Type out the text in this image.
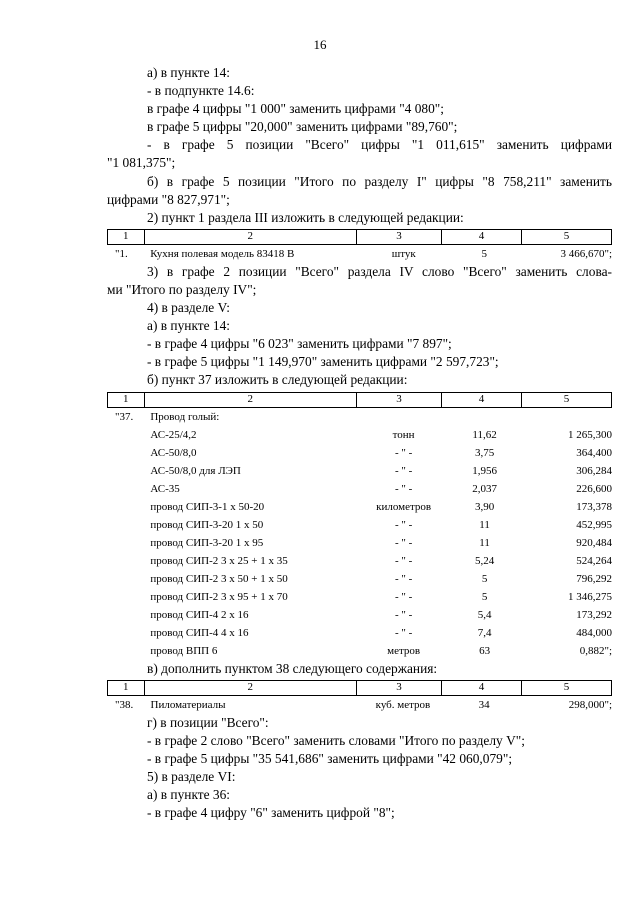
16
а) в пункте 14:
- в подпункте 14.6:
в графе 4 цифры "1 000" заменить цифрами "4 080";
в графе 5 цифры "20,000" заменить цифрами "89,760";
- в графе 5 позиции "Всего" цифры "1 011,615" заменить цифрами
"1 081,375";
б) в графе 5 позиции "Итого по разделу I" цифры "8 758,211" заменить
цифрами "8 827,971";
2) пункт 1 раздела III изложить в следующей редакции:
1	2	3	4	5
"1.	Кухня полевая модель 83418 В	штук	5	3 466,670";
3) в графе 2 позиции "Всего" раздела IV слово "Всего" заменить слова-
ми "Итого по разделу IV";
4) в разделе V:
а) в пункте 14:
- в графе 4 цифры "6 023" заменить цифрами "7 897";
- в графе 5 цифры "1 149,970" заменить цифрами "2 597,723";
б) пункт 37 изложить в следующей редакции:
1	2	3	4	5
"37.	Провод голый:			
	АС-25/4,2	тонн	11,62	1 265,300
	АС-50/8,0	- " -	3,75	364,400
	АС-50/8,0 для ЛЭП	- " -	1,956	306,284
	АС-35	- " -	2,037	226,600
	провод СИП-3-1 х 50-20	километров	3,90	173,378
	провод СИП-3-20 1 х 50	- " -	11	452,995
	провод СИП-3-20 1 х 95	- " -	11	920,484
	провод СИП-2 3 х 25 + 1 х 35	- " -	5,24	524,264
	провод СИП-2 3 х 50 + 1 х 50	- " -	5	796,292
	провод СИП-2 3 х 95 + 1 х 70	- " -	5	1 346,275
	провод СИП-4 2 х 16	- " -	5,4	173,292
	провод СИП-4 4 х 16	- " -	7,4	484,000
	провод ВПП 6	метров	63	0,882";
в) дополнить пунктом 38 следующего содержания:
1	2	3	4	5
"38.	Пиломатериалы	куб. метров	34	298,000";
г) в позиции "Всего":
- в графе 2 слово "Всего" заменить словами "Итого по разделу V";
- в графе 5 цифры "35 541,686" заменить цифрами "42 060,079";
5) в разделе VI:
а) в пункте 36:
- в графе 4 цифру "6" заменить цифрой "8";
